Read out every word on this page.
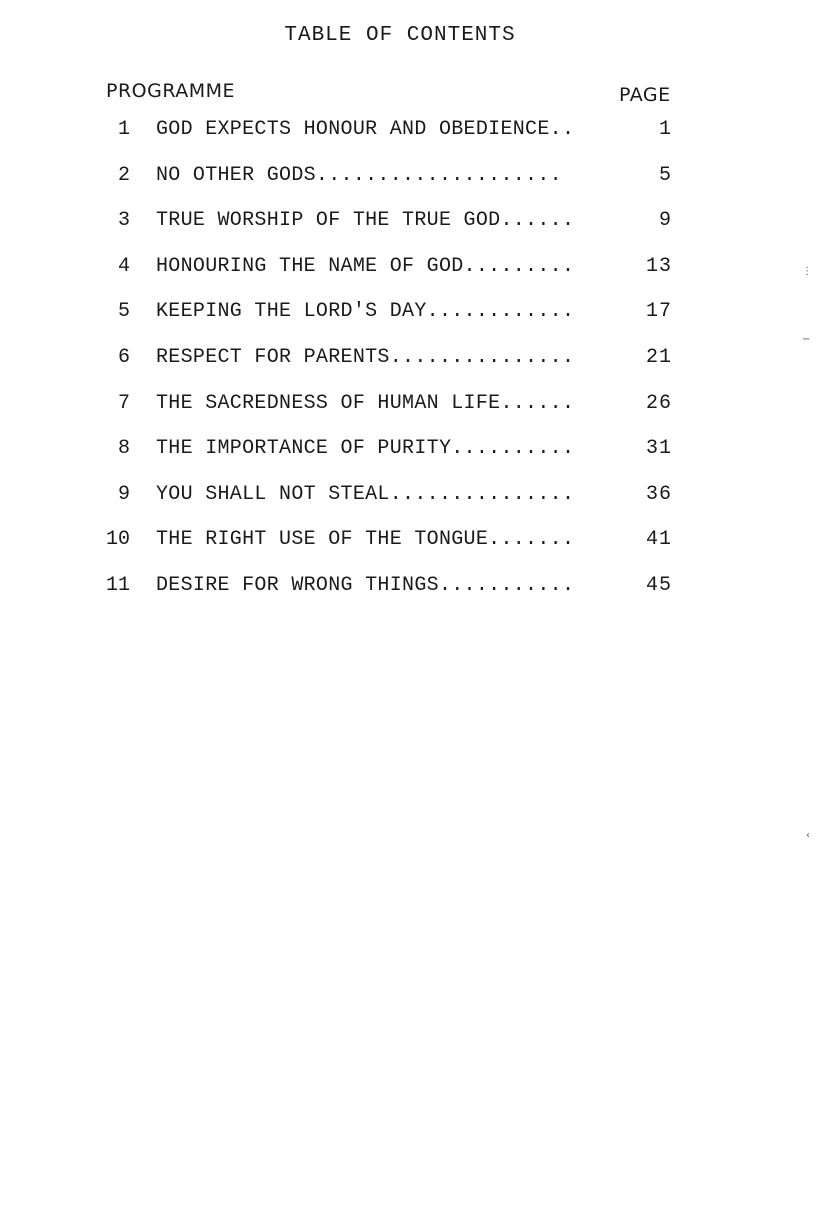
TABLE OF CONTENTS
PROGRAMME	PAGE
1 GOD EXPECTS HONOUR AND OBEDIENCE..	1
2 NO OTHER GODS....................	5
3 TRUE WORSHIP OF THE TRUE GOD......	9
4 HONOURING THE NAME OF GOD.........	13
5 KEEPING THE LORD'S DAY............	17
6 RESPECT FOR PARENTS...............	21
7 THE SACREDNESS OF HUMAN LIFE......	26
8 THE IMPORTANCE OF PURITY..........	31
9 YOU SHALL NOT STEAL...............	36
10 THE RIGHT USE OF THE TONGUE.......	41
11 DESIRE FOR WRONG THINGS...........	45
⋮
−
‹
